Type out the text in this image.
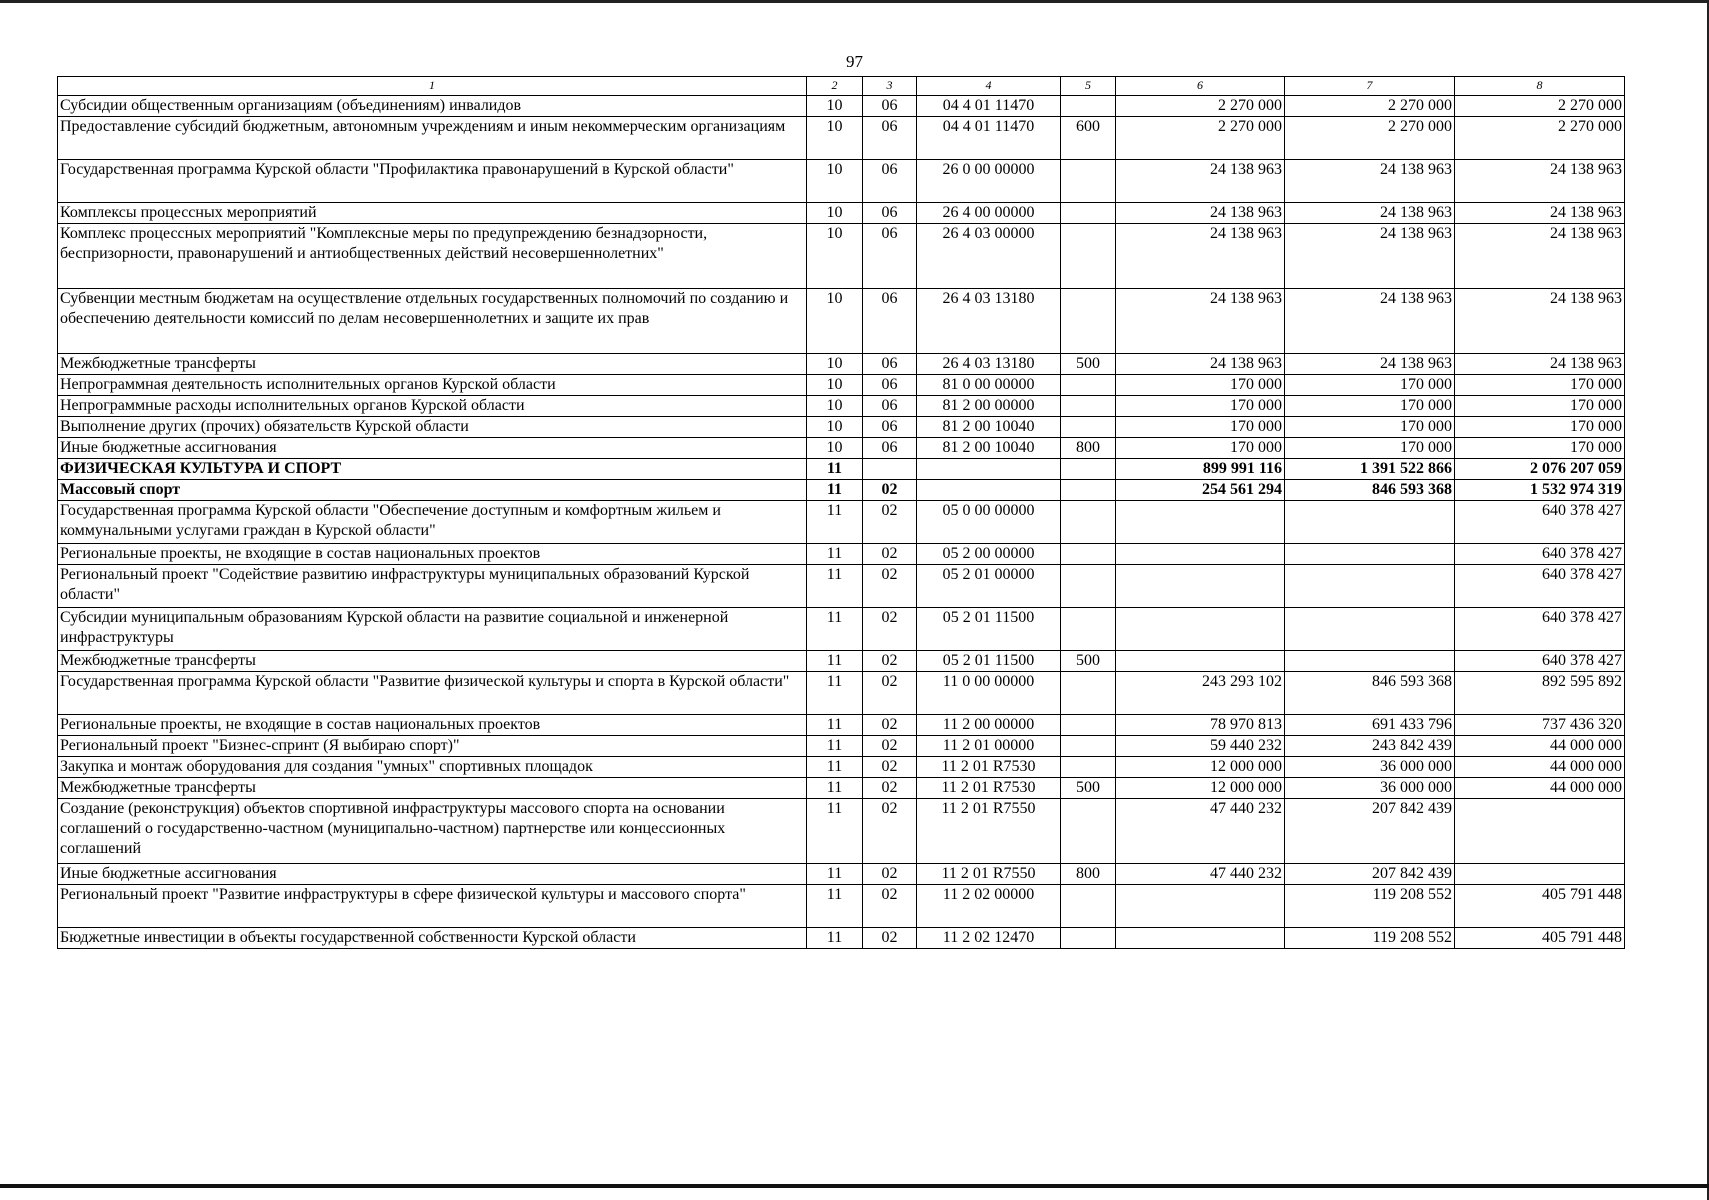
97
1	2	3	4	5	6	7	8
Субсидии общественным организациям (объединениям) инвалидов	10	06	04 4 01 11470		2 270 000	2 270 000	2 270 000
Предоставление субсидий бюджетным, автономным учреждениям и иным некоммерческим организациям	10	06	04 4 01 11470	600	2 270 000	2 270 000	2 270 000
Государственная программа Курской области "Профилактика правонарушений в Курской области"	10	06	26 0 00 00000		24 138 963	24 138 963	24 138 963
Комплексы процессных мероприятий	10	06	26 4 00 00000		24 138 963	24 138 963	24 138 963
Комплекс процессных мероприятий "Комплексные меры по предупреждению безнадзорности, беспризорности, правонарушений и антиобщественных действий несовершеннолетних"	10	06	26 4 03 00000		24 138 963	24 138 963	24 138 963
Субвенции местным бюджетам на осуществление отдельных государственных полномочий по созданию и обеспечению деятельности комиссий по делам несовершеннолетних и защите их прав	10	06	26 4 03 13180		24 138 963	24 138 963	24 138 963
Межбюджетные трансферты	10	06	26 4 03 13180	500	24 138 963	24 138 963	24 138 963
Непрограммная деятельность исполнительных органов Курской области	10	06	81 0 00 00000		170 000	170 000	170 000
Непрограммные расходы исполнительных органов Курской области	10	06	81 2 00 00000		170 000	170 000	170 000
Выполнение других (прочих) обязательств Курской области	10	06	81 2 00 10040		170 000	170 000	170 000
Иные бюджетные ассигнования	10	06	81 2 00 10040	800	170 000	170 000	170 000
ФИЗИЧЕСКАЯ КУЛЬТУРА И СПОРТ	11				899 991 116	1 391 522 866	2 076 207 059
Массовый спорт	11	02			254 561 294	846 593 368	1 532 974 319
Государственная программа Курской области "Обеспечение доступным и комфортным жильем и коммунальными услугами граждан в Курской области"	11	02	05 0 00 00000				640 378 427
Региональные проекты, не входящие в состав национальных проектов	11	02	05 2 00 00000				640 378 427
Региональный проект "Содействие развитию инфраструктуры муниципальных образований Курской области"	11	02	05 2 01 00000				640 378 427
Субсидии муниципальным образованиям Курской области на развитие социальной и инженерной инфраструктуры	11	02	05 2 01 11500				640 378 427
Межбюджетные трансферты	11	02	05 2 01 11500	500			640 378 427
Государственная программа Курской области "Развитие физической культуры и спорта в Курской области"	11	02	11 0 00 00000		243 293 102	846 593 368	892 595 892
Региональные проекты, не входящие в состав национальных проектов	11	02	11 2 00 00000		78 970 813	691 433 796	737 436 320
Региональный проект "Бизнес-спринт (Я выбираю спорт)"	11	02	11 2 01 00000		59 440 232	243 842 439	44 000 000
Закупка и монтаж оборудования для создания "умных" спортивных площадок	11	02	11 2 01 R7530		12 000 000	36 000 000	44 000 000
Межбюджетные трансферты	11	02	11 2 01 R7530	500	12 000 000	36 000 000	44 000 000
Создание (реконструкция) объектов спортивной инфраструктуры массового спорта на основании соглашений о государственно-частном (муниципально-частном) партнерстве или концессионных соглашений	11	02	11 2 01 R7550		47 440 232	207 842 439	
Иные бюджетные ассигнования	11	02	11 2 01 R7550	800	47 440 232	207 842 439	
Региональный проект "Развитие инфраструктуры в сфере физической культуры и массового спорта"	11	02	11 2 02 00000			119 208 552	405 791 448
Бюджетные инвестиции в объекты государственной собственности Курской области	11	02	11 2 02 12470			119 208 552	405 791 448
